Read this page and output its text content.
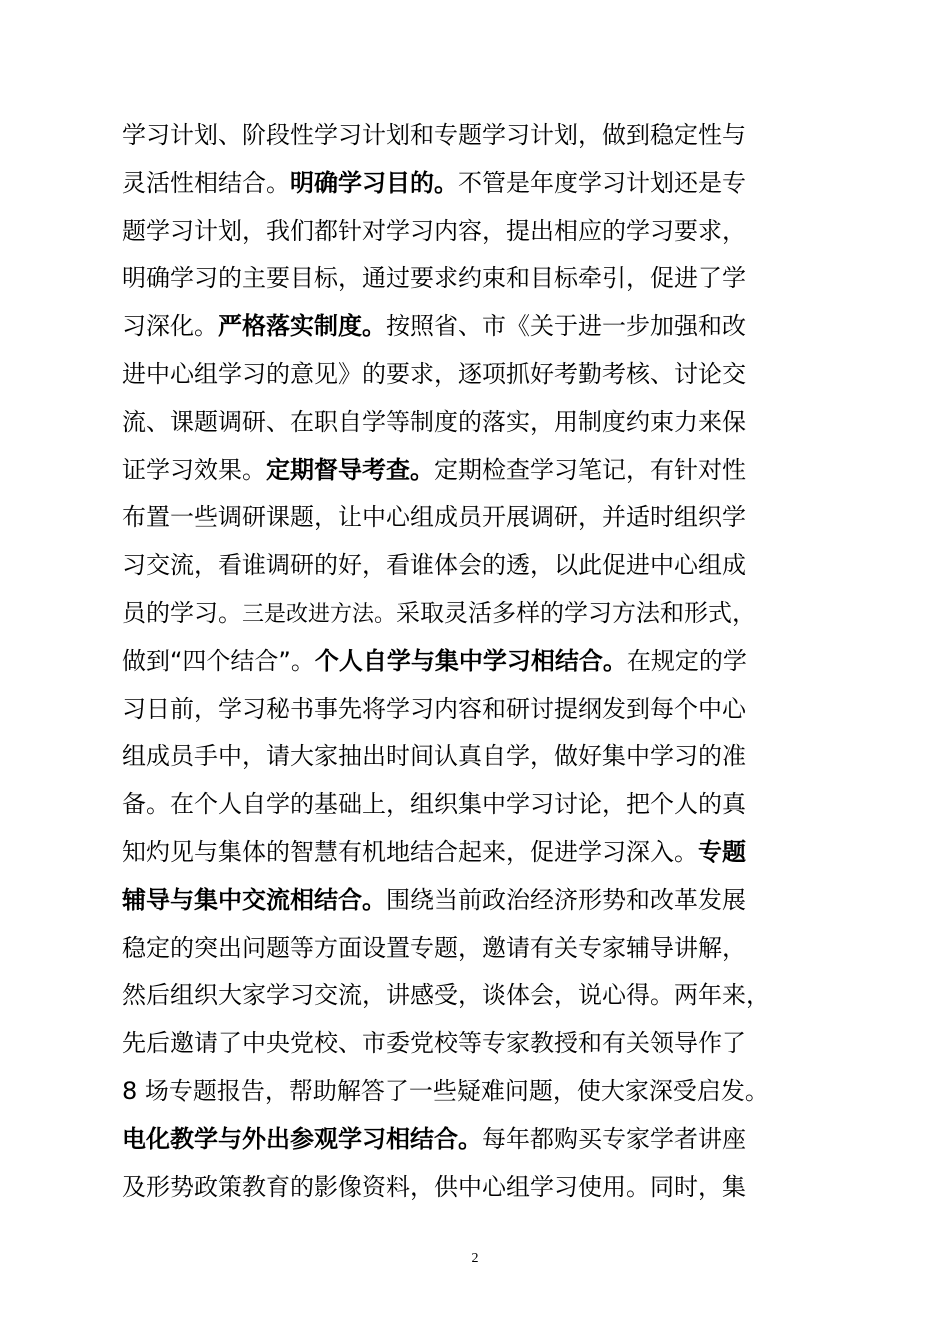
学习计划、阶段性学习计划和专题学习计划，做到稳定性与
灵活性相结合。明确学习目的。不管是年度学习计划还是专
题学习计划，我们都针对学习内容，提出相应的学习要求，
明确学习的主要目标，通过要求约束和目标牵引，促进了学
习深化。严格落实制度。按照省、市《关于进一步加强和改
进中心组学习的意见》的要求，逐项抓好考勤考核、讨论交
流、课题调研、在职自学等制度的落实，用制度约束力来保
证学习效果。定期督导考查。定期检查学习笔记，有针对性
布置一些调研课题，让中心组成员开展调研，并适时组织学
习交流，看谁调研的好，看谁体会的透，以此促进中心组成
员的学习。三是改进方法。采取灵活多样的学习方法和形式，
做到“四个结合”。个人自学与集中学习相结合。在规定的学
习日前，学习秘书事先将学习内容和研讨提纲发到每个中心
组成员手中，请大家抽出时间认真自学，做好集中学习的准
备。在个人自学的基础上，组织集中学习讨论，把个人的真
知灼见与集体的智慧有机地结合起来，促进学习深入。专题
辅导与集中交流相结合。围绕当前政治经济形势和改革发展
稳定的突出问题等方面设置专题，邀请有关专家辅导讲解，
然后组织大家学习交流，讲感受，谈体会，说心得。两年来，
先后邀请了中央党校、市委党校等专家教授和有关领导作了
8 场专题报告，帮助解答了一些疑难问题，使大家深受启发。
电化教学与外出参观学习相结合。每年都购买专家学者讲座
及形势政策教育的影像资料，供中心组学习使用。同时，集
2
